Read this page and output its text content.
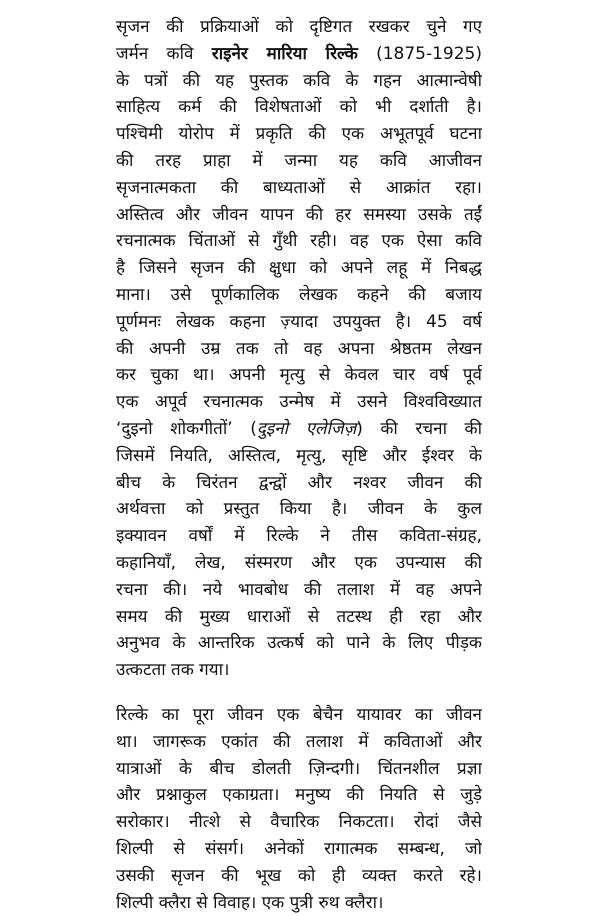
सृजन की प्रक्रियाओं को दृष्टिगत रखकर चुने गए
जर्मन कवि राइनेर मारिया रिल्के (1875-1925)
के पत्रों की यह पुस्तक कवि के गहन आत्मान्वेषी
साहित्य कर्म की विशेषताओं को भी दर्शाती है।
पश्चिमी योरोप में प्रकृति की एक अभूतपूर्व घटना
की तरह प्राहा में जन्मा यह कवि आजीवन
सृजनात्मकता की बाध्यताओं से आक्रांत रहा।
अस्तित्व और जीवन यापन की हर समस्या उसके तईं
रचनात्मक चिंताओं से गुँथी रही। वह एक ऐसा कवि
है जिसने सृजन की क्षुधा को अपने लहू में निबद्ध
माना। उसे पूर्णकालिक लेखक कहने की बजाय
पूर्णमनः लेखक कहना ज़्यादा उपयुक्त है। 45 वर्ष
की अपनी उम्र तक तो वह अपना श्रेष्ठतम लेखन
कर चुका था। अपनी मृत्यु से केवल चार वर्ष पूर्व
एक अपूर्व रचनात्मक उन्मेष में उसने विश्वविख्यात
‘दुइनो शोकगीतों’ (दुइनो एलेजिज़) की रचना की
जिसमें नियति, अस्तित्व, मृत्यु, सृष्टि और ईश्वर के
बीच के चिरंतन द्वन्द्वों और नश्वर जीवन की
अर्थवत्ता को प्रस्तुत किया है। जीवन के कुल
इक्यावन वर्षों में रिल्के ने तीस कविता-संग्रह,
कहानियाँ, लेख, संस्मरण और एक उपन्यास की
रचना की। नये भावबोध की तलाश में वह अपने
समय की मुख्य धाराओं से तटस्थ ही रहा और
अनुभव के आन्तरिक उत्कर्ष को पाने के लिए पीड़क
उत्कटता तक गया।
रिल्के का पूरा जीवन एक बेचैन यायावर का जीवन
था। जागरूक एकांत की तलाश में कविताओं और
यात्राओं के बीच डोलती ज़िन्दगी। चिंतनशील प्रज्ञा
और प्रश्नाकुल एकाग्रता। मनुष्य की नियति से जुड़े
सरोकार। नीत्शे से वैचारिक निकटता। रोदां जैसे
शिल्पी से संसर्ग। अनेकों रागात्मक सम्बन्ध, जो
उसकी सृजन की भूख को ही व्यक्त करते रहे।
शिल्पी क्लैरा से विवाह। एक पुत्री रुथ क्लैरा।
